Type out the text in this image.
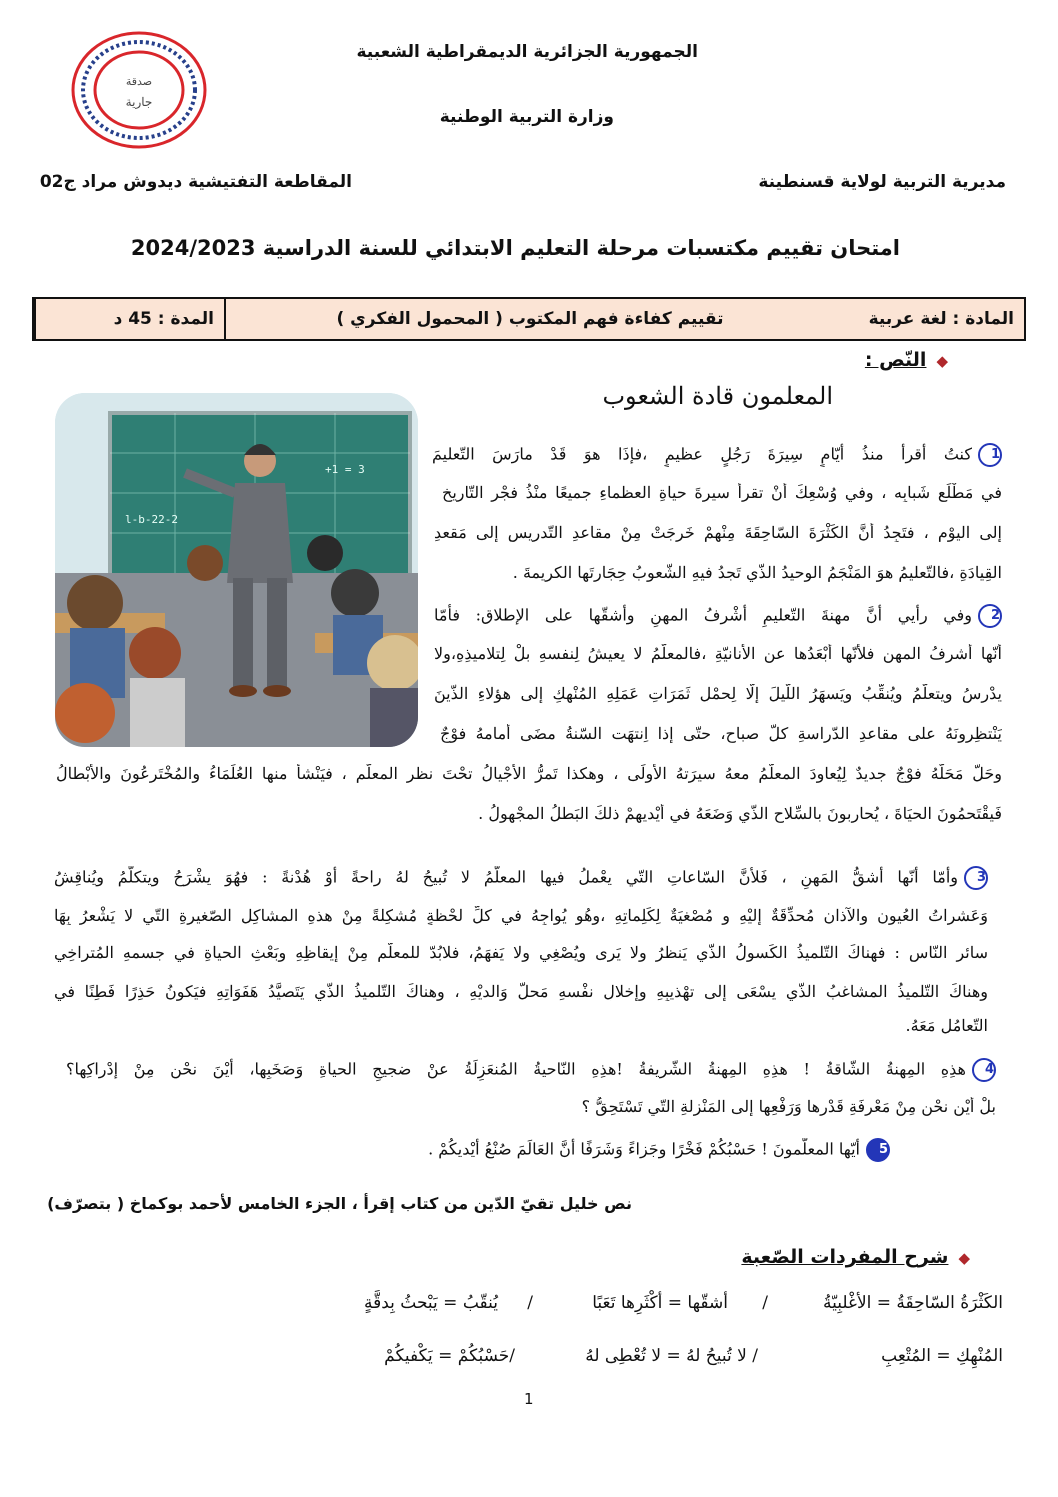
صدقة
جارية
الجمهورية الجزائرية الديمقراطية الشعبية
وزارة التربية الوطنية
مديرية التربية لولاية قسنطينة
المقاطعة التفتيشية ديدوش مراد ج02
امتحان تقييم مكتسبات مرحلة التعليم الابتدائي للسنة الدراسية 2024/2023
المادة : لغة عربية
تقييم كفاءة فهم المكتوب ( المحمول الفكري )
المدة : 45 د
◆النّص :
المعلمون قادة الشعوب
l-b-22-2
+1 = 3
1كنتُ أقرأُ منذُ أيّامٍ سِيرَةَ رَجُلٍ عظيمٍ ،فإذَا هوَ قَدْ مارَسَ التّعليمَ
في مَطْلَعِ شَبابِه ، وفي وُسْعِكَ أنْ تقرأَ سيرةَ حياةِ العظماءِ جميعًا منْذُ فجْرِ التّاريخِ
إلى اليوْمِ ، فتَجِدُ أنَّ الكَثْرَةَ السّاحِقَةَ مِنْهمْ خَرجَتْ مِنْ مقاعدِ التّدريسِ إلى مَقعدِ
القِيادَةِ ،فالتّعليمُ هوَ المَنْجَمُ الوحيدُ الذّي تَجدُ فيهِ الشّعوبُ حِجَارتَها الكريمةَ .
2وفي رأيي أنَّ مهنةَ التّعليمِ أشْرفُ المهنِ وأشقّها على الإطلاق: فأمّا
أنّها أَشرفُ المهنِ فلأنّها أَبْعَدُها عنِ الأنانيّةِ ،فالمعلّمُ لا يعيشُ لِنفسهِ بلْ لِتلاميذِهِ،ولا
يدْرسُ ويتعلّمُ ويُنقِّبُ ويَسهَرُ اللّيلَ إلّا لِحمْلِ ثَمَرَاتِ عَمَلِهِ المُنْهِكِ إلى هؤلاءِ الذّينَ
يَنْتظِرونَهُ على مقاعدِ الدّراسةِ كلَّ صباحٍ، حتّى إذا اِنتهَت السّنةُ مضَى أمامهُ فوْجٌ
وحَلَّ مَحَلَّهُ فوْجٌ جديدٌ لِيُعاوِدَ المعلّمُ معهُ سيرَتهُ الأولَى ، وهكذا تَمرُّ الأجْيالُ تحْتَ نظرِ المعلّمِ ، فيَنْشأُ منها العُلَمَاءُ والمُخْتَرِعُونَ والأبْطالُ
فَيقْتَحمُونَ الحيَاةَ ، يُحارِبونَ بالسِّلاحِ الذّي وَضَعَهُ في أيْديهِمْ ذلكَ البَطلُ المجْهولُ .
3وأمّا أنّها أشقُّ المَهنِ ، فَلأنَّ السّاعاتِ التّي يعْملُ فيها المعلّمُ لا تُبيحُ لهُ راحةً أوْ هُدْنةً : فهُوَ يشْرَحُ ويتكلَّمُ ويُناقِشُ
وَعَشراتُ العُيونِ والآذانِ مُحدِّقَةٌ إليْهِ و مُصْغيَةٌ لِكَلِماتِهِ ،وهُو يُواجِهُ في كلِّ لحْظةٍ مُشكِلةً مِنْ هذهِ المشاكِلِ الصّغيرةِ التّي لا يَشْعرُ بِهَا
سائرِ النّاسِ : فهناكَ التّلميذُ الكَسولُ الذّي يَنظرُ ولا يَرى ويُصْغِي ولا يَفهَمُ، فلابُدّ للمعلّمِ مِنْ إيقاظِهِ وبَعْثِ الحياةِ في جسمهِ المُتراخِي
وهناكَ التّلميذُ المشاغبُ الذّي يسْعَى إلى تهْذيبِهِ وإخلالِ نفْسهِ مَحلَّ وَالديْهِ ، وهناكَ التّلميذُ الذّي يَتَصيَّدُ هَفَوَاتِهِ فيَكونُ حَذِرًا فَطِنًا في
التّعامُلِ مَعَهُ.
4هذِهِ المِهنةُ الشّاقةُ ! هذِهِ المِهنةُ الشّريفةُ !هذِهِ النّاحيةُ المُنعَزِلَةُ عنْ ضجيجِ الحياةِ وَصَخَبِها، أيْنَ نحْن مِنْ إدْراكِها؟
بلْ أيْن نحْن مِنْ مَعْرِفَةِ قَدْرِها وَرَفْعِها إلى المَنْزِلةِ التّي تَسْتَحِقُّ ؟
5أيّها المعلّمونَ ! حَسْبُكُمْ فَخْرًا وجَزاءً وَشَرَفًا أنَّ العَالَمَ صُنْعُ أَيْديكُمْ .
نص خليل تقيّ الدّين من كتاب إقرأ ، الجزء الخامس لأحمد بوكماخ ( بتصرّف)
◆شرح المفردات الصّعبة
الكَثْرَةُ السّاحِقَةُ = الأغْلبِيّةُ
/
أشقّها = أكْثَرِها تَعَبًا
/
يُنقّبُ = يَبْحثُ بِدقَّةٍ
المُنْهِكِ = المُتْعِبِ
/ لا تُبيحُ لهُ = لا تُعْطِى لهُ
/حَسْبُكُمْ = يَكْفيكُمْ
1
